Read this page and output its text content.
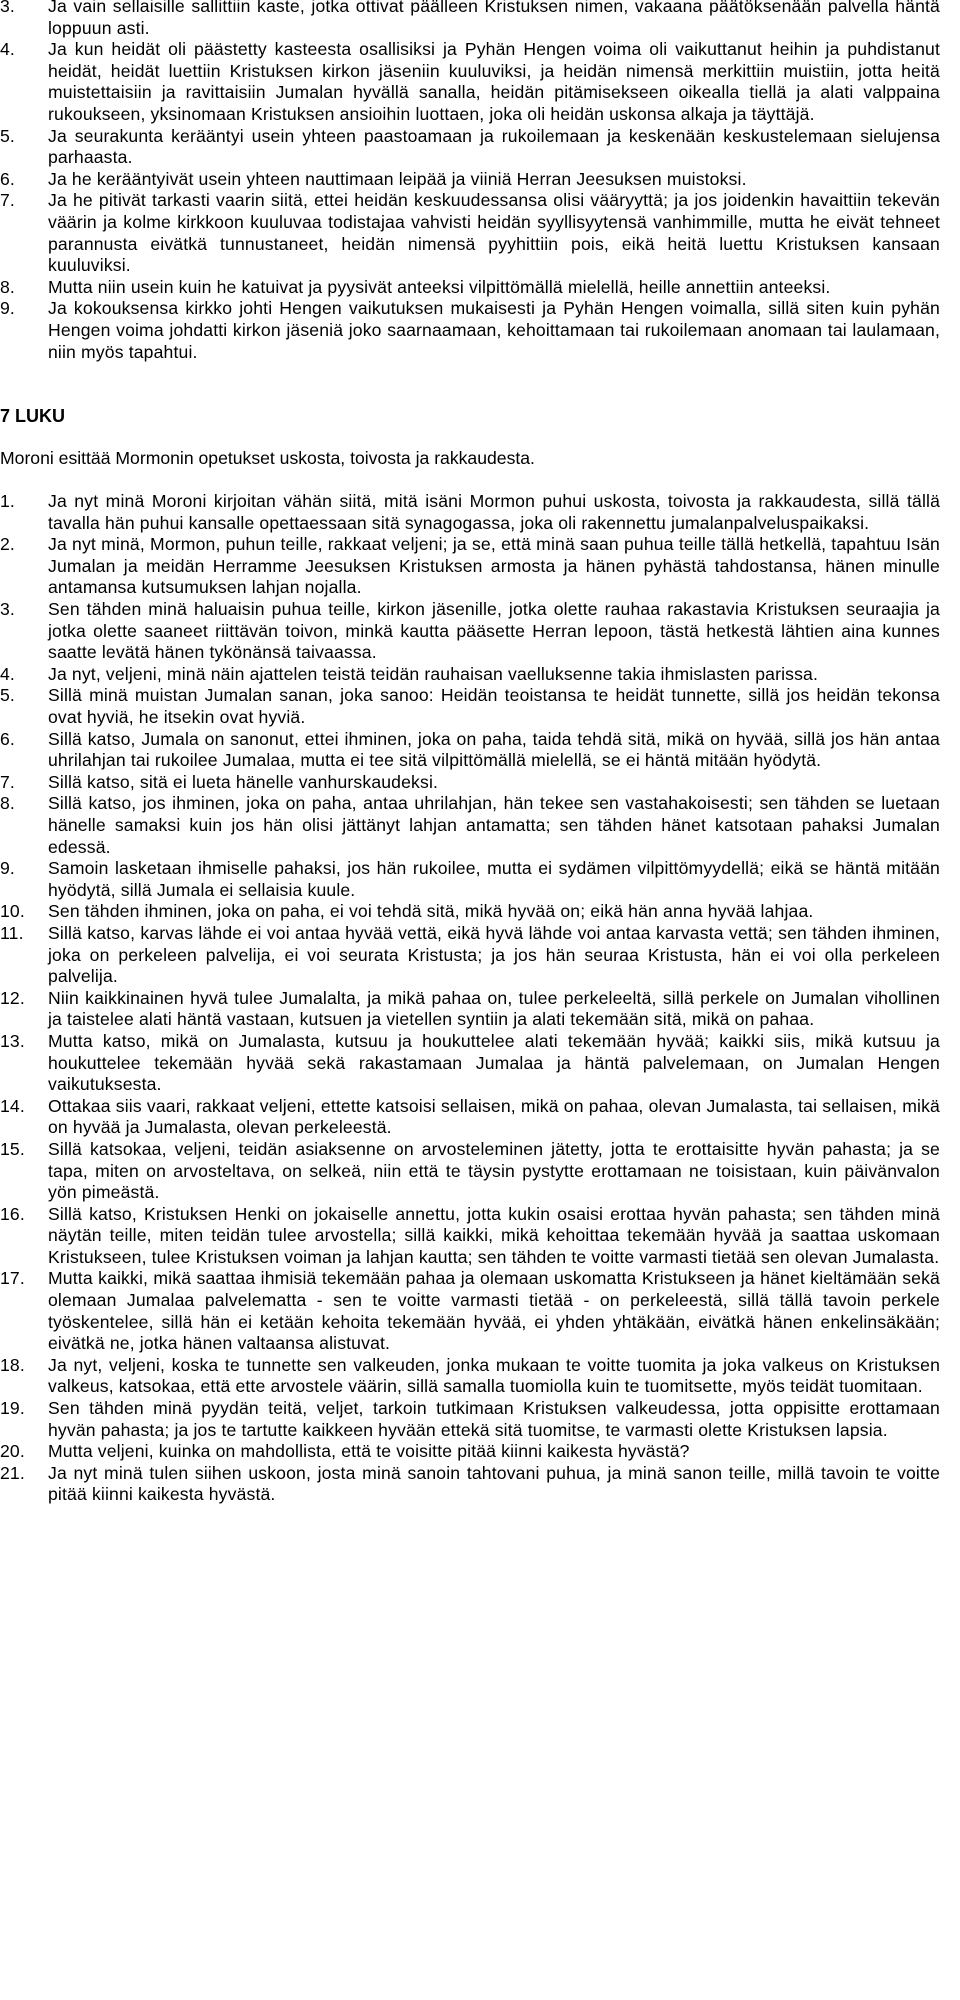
3.	Ja vain sellaisille sallittiin kaste, jotka ottivat päälleen Kristuksen nimen, vakaana päätöksenään palvella häntä loppuun asti.
4.	Ja kun heidät oli päästetty kasteesta osallisiksi ja Pyhän Hengen voima oli vaikuttanut heihin ja puhdistanut heidät, heidät luettiin Kristuksen kirkon jäseniin kuuluviksi, ja heidän nimensä merkittiin muistiin, jotta heitä muistettaisiin ja ravittaisiin Jumalan hyvällä sanalla, heidän pitämisekseen oikealla tiellä ja alati valppaina rukoukseen, yksinomaan Kristuksen ansioihin luottaen, joka oli heidän uskonsa alkaja ja täyttäjä.
5.	Ja seurakunta kerääntyi usein yhteen paastoamaan ja rukoilemaan ja keskenään keskustelemaan sielujensa parhaasta.
6.	Ja he kerääntyivät usein yhteen nauttimaan leipää ja viiniä Herran Jeesuksen muistoksi.
7.	Ja he pitivät tarkasti vaarin siitä, ettei heidän keskuudessansa olisi vääryyttä; ja jos joidenkin havaittiin tekevän väärin ja kolme kirkkoon kuuluvaa todistajaa vahvisti heidän syyllisyytensä vanhimmille, mutta he eivät tehneet parannusta eivätkä tunnustaneet, heidän nimensä pyyhittiin pois, eikä heitä luettu Kristuksen kansaan kuuluviksi.
8.	Mutta niin usein kuin he katuivat ja pyysivät anteeksi vilpittömällä mielellä, heille annettiin anteeksi.
9.	Ja kokouksensa kirkko johti Hengen vaikutuksen mukaisesti ja Pyhän Hengen voimalla, sillä siten kuin pyhän Hengen voima johdatti kirkon jäseniä joko saarnaamaan, kehoittamaan tai rukoilemaan anomaan tai laulamaan, niin myös tapahtui.
7 LUKU
Moroni esittää Mormonin opetukset uskosta, toivosta ja rakkaudesta.
1.	Ja nyt minä Moroni kirjoitan vähän siitä, mitä isäni Mormon puhui uskosta, toivosta ja rakkaudesta, sillä tällä tavalla hän puhui kansalle opettaessaan sitä synagogassa, joka oli rakennettu jumalanpalveluspaikaksi.
2.	Ja nyt minä, Mormon, puhun teille, rakkaat veljeni; ja se, että minä saan puhua teille tällä hetkellä, tapahtuu Isän Jumalan ja meidän Herramme Jeesuksen Kristuksen armosta ja hänen pyhästä tahdostansa, hänen minulle antamansa kutsumuksen lahjan nojalla.
3.	Sen tähden minä haluaisin puhua teille, kirkon jäsenille, jotka olette rauhaa rakastavia Kristuksen seuraajia ja jotka olette saaneet riittävän toivon, minkä kautta pääsette Herran lepoon, tästä hetkestä lähtien aina kunnes saatte levätä hänen tykönänsä taivaassa.
4.	Ja nyt, veljeni, minä näin ajattelen teistä teidän rauhaisan vaelluksenne takia ihmislasten parissa.
5.	Sillä minä muistan Jumalan sanan, joka sanoo: Heidän teoistansa te heidät tunnette, sillä jos heidän tekonsa ovat hyviä, he itsekin ovat hyviä.
6.	Sillä katso, Jumala on sanonut, ettei ihminen, joka on paha, taida tehdä sitä, mikä on hyvää, sillä jos hän antaa uhrilahjan tai rukoilee Jumalaa, mutta ei tee sitä vilpittömällä mielellä, se ei häntä mitään hyödytä.
7.	Sillä katso, sitä ei lueta hänelle vanhurskaudeksi.
8.	Sillä katso, jos ihminen, joka on paha, antaa uhrilahjan, hän tekee sen vastahakoisesti; sen tähden se luetaan hänelle samaksi kuin jos hän olisi jättänyt lahjan antamatta; sen tähden hänet katsotaan pahaksi Jumalan edessä.
9.	Samoin lasketaan ihmiselle pahaksi, jos hän rukoilee, mutta ei sydämen vilpittömyydellä; eikä se häntä mitään hyödytä, sillä Jumala ei sellaisia kuule.
10.	Sen tähden ihminen, joka on paha, ei voi tehdä sitä, mikä hyvää on; eikä hän anna hyvää lahjaa.
11.	Sillä katso, karvas lähde ei voi antaa hyvää vettä, eikä hyvä lähde voi antaa karvasta vettä; sen tähden ihminen, joka on perkeleen palvelija, ei voi seurata Kristusta; ja jos hän seuraa Kristusta, hän ei voi olla perkeleen palvelija.
12.	Niin kaikkinainen hyvä tulee Jumalalta, ja mikä pahaa on, tulee perkeleeltä, sillä perkele on Jumalan vihollinen ja taistelee alati häntä vastaan, kutsuen ja vietellen syntiin ja alati tekemään sitä, mikä on pahaa.
13.	Mutta katso, mikä on Jumalasta, kutsuu ja houkuttelee alati tekemään hyvää; kaikki siis, mikä kutsuu ja houkuttelee tekemään hyvää sekä rakastamaan Jumalaa ja häntä palvelemaan, on Jumalan Hengen vaikutuksesta.
14.	Ottakaa siis vaari, rakkaat veljeni, ettette katsoisi sellaisen, mikä on pahaa, olevan Jumalasta, tai sellaisen, mikä on hyvää ja Jumalasta, olevan perkeleestä.
15.	Sillä katsokaa, veljeni, teidän asiaksenne on arvosteleminen jätetty, jotta te erottaisitte hyvän pahasta; ja se tapa, miten on arvosteltava, on selkeä, niin että te täysin pystytte erottamaan ne toisistaan, kuin päivänvalon yön pimeästä.
16.	Sillä katso, Kristuksen Henki on jokaiselle annettu, jotta kukin osaisi erottaa hyvän pahasta; sen tähden minä näytän teille, miten teidän tulee arvostella; sillä kaikki, mikä kehoittaa tekemään hyvää ja saattaa uskomaan Kristukseen, tulee Kristuksen voiman ja lahjan kautta; sen tähden te voitte varmasti tietää sen olevan Jumalasta.
17.	Mutta kaikki, mikä saattaa ihmisiä tekemään pahaa ja olemaan uskomatta Kristukseen ja hänet kieltämään sekä olemaan Jumalaa palvelematta - sen te voitte varmasti tietää - on perkeleestä, sillä tällä tavoin perkele työskentelee, sillä hän ei ketään kehoita tekemään hyvää, ei yhden yhtäkään, eivätkä hänen enkelinsäkään; eivätkä ne, jotka hänen valtaansa alistuvat.
18.	Ja nyt, veljeni, koska te tunnette sen valkeuden, jonka mukaan te voitte tuomita ja joka valkeus on Kristuksen valkeus, katsokaa, että ette arvostele väärin, sillä samalla tuomiolla kuin te tuomitsette, myös teidät tuomitaan.
19.	Sen tähden minä pyydän teitä, veljet, tarkoin tutkimaan Kristuksen valkeudessa, jotta oppisitte erottamaan hyvän pahasta; ja jos te tartutte kaikkeen hyvään ettekä sitä tuomitse, te varmasti olette Kristuksen lapsia.
20.	Mutta veljeni, kuinka on mahdollista, että te voisitte pitää kiinni kaikesta hyvästä?
21.	Ja nyt minä tulen siihen uskoon, josta minä sanoin tahtovani puhua, ja minä sanon teille, millä tavoin te voitte pitää kiinni kaikesta hyvästä.
